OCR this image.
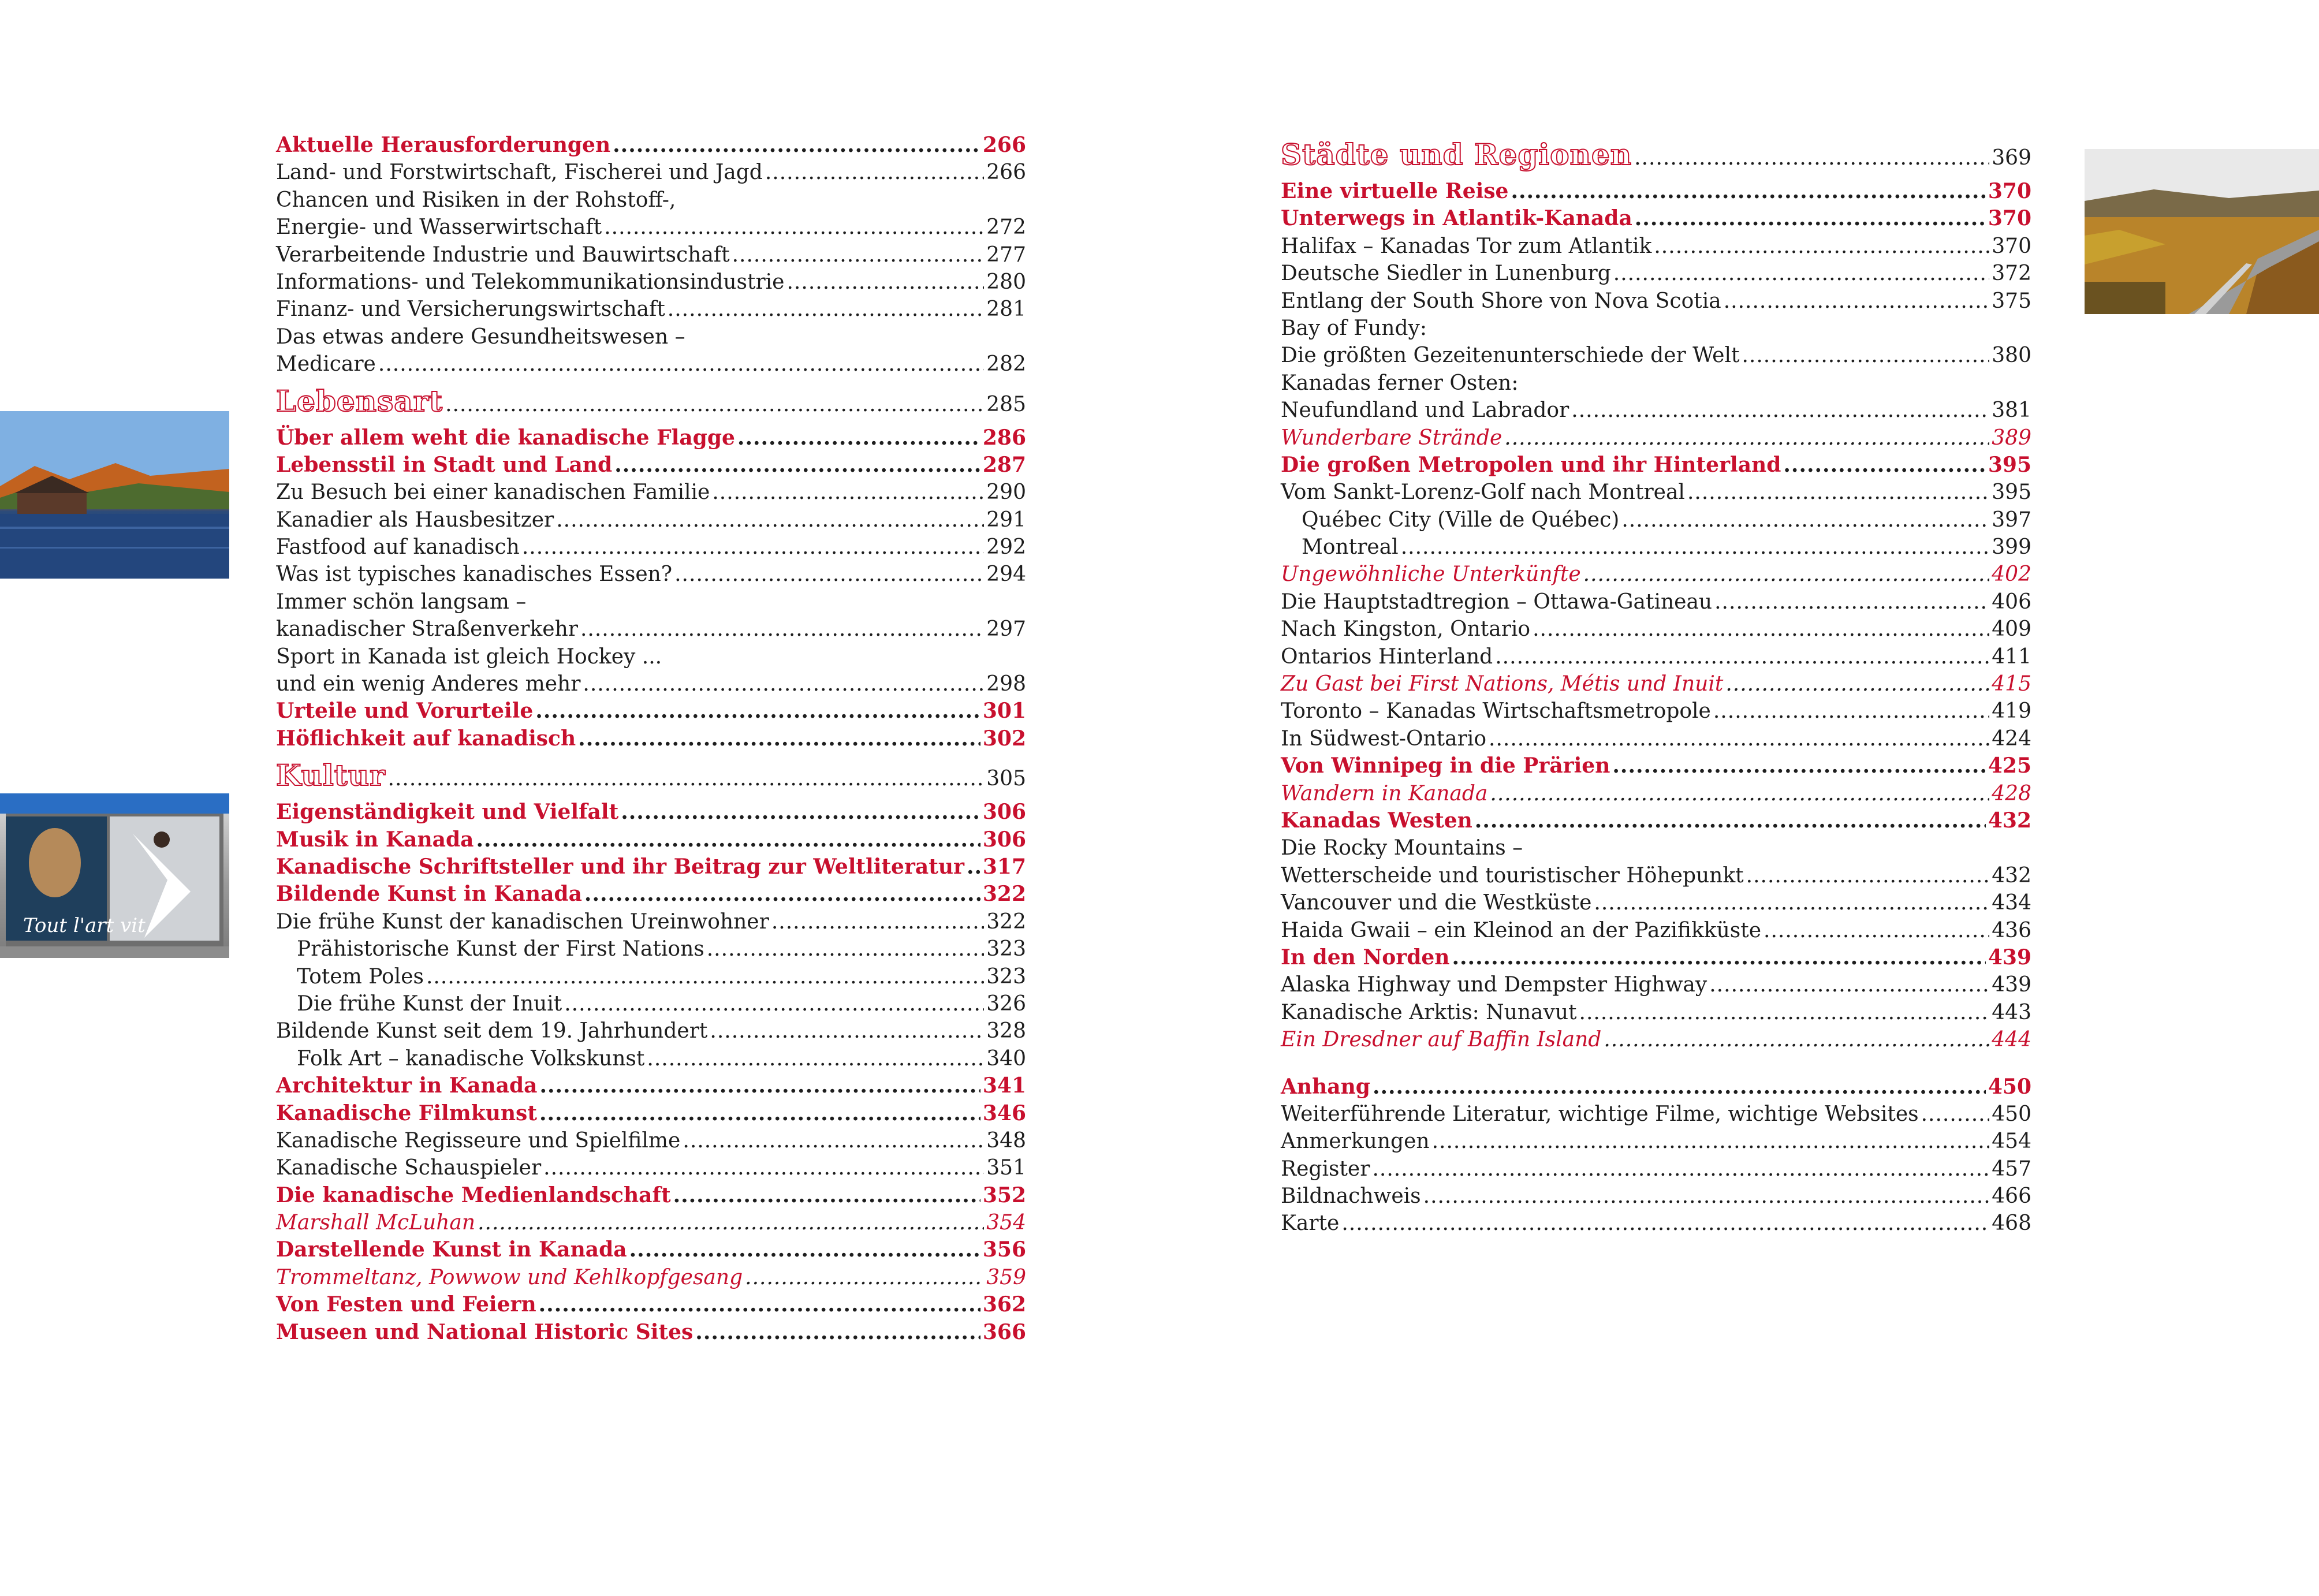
Aktuelle Herausforderungen .....	266
Land- und Forstwirtschaft, Fischerei und Jagd .....	266
Chancen und Risiken in der Rohstoff-,
Energie- und Wasserwirtschaft .....	272
Verarbeitende Industrie und Bauwirtschaft .....	277
Informations- und Telekommunikationsindustrie .....	280
Finanz- und Versicherungswirtschaft .....	281
Das etwas andere Gesundheitswesen –
Medicare .....	282
Lebensart .....	285
Über allem weht die kanadische Flagge .....	286
Lebensstil in Stadt und Land .....	287
Zu Besuch bei einer kanadischen Familie .....	290
Kanadier als Hausbesitzer .....	291
Fastfood auf kanadisch .....	292
Was ist typisches kanadisches Essen? .....	294
Immer schön langsam –
kanadischer Straßenverkehr .....	297
Sport in Kanada ist gleich Hockey ...
und ein wenig Anderes mehr .....	298
Urteile und Vorurteile .....	301
Höflichkeit auf kanadisch .....	302
Kultur .....	305
Eigenständigkeit und Vielfalt .....	306
Musik in Kanada .....	306
Kanadische Schriftsteller und ihr Beitrag zur Weltliteratur ..... 317
Bildende Kunst in Kanada .....	322
Die frühe Kunst der kanadischen Ureinwohner .....	322
Prähistorische Kunst der First Nations .....	323
Totem Poles .....	323
Die frühe Kunst der Inuit .....	326
Bildende Kunst seit dem 19. Jahrhundert .....	328
Folk Art – kanadische Volkskunst .....	340
Architektur in Kanada .....	341
Kanadische Filmkunst .....	346
Kanadische Regisseure und Spielfilme .....	348
Kanadische Schauspieler .....	351
Die kanadische Medienlandschaft .....	352
Marshall McLuhan .....	354
Darstellende Kunst in Kanada .....	356
Trommeltanz, Powwow und Kehlkopfgesang .....	359
Von Festen und Feiern .....	362
Museen und National Historic Sites .....	366
Städte und Regionen .....	369
Eine virtuelle Reise .....	370
Unterwegs in Atlantik-Kanada .....	370
Halifax – Kanadas Tor zum Atlantik .....	370
Deutsche Siedler in Lunenburg .....	372
Entlang der South Shore von Nova Scotia .....	375
Bay of Fundy:
Die größten Gezeitenunterschiede der Welt .....	380
Kanadas ferner Osten:
Neufundland und Labrador .....	381
Wunderbare Strände .....	389
Die großen Metropolen und ihr Hinterland .....	395
Vom Sankt-Lorenz-Golf nach Montreal .....	395
Québec City (Ville de Québec) .....	397
Montreal .....	399
Ungewöhnliche Unterkünfte .....	402
Die Hauptstadtregion – Ottawa-Gatineau .....	406
Nach Kingston, Ontario .....	409
Ontarios Hinterland .....	411
Zu Gast bei First Nations, Métis und Inuit .....	415
Toronto – Kanadas Wirtschaftsmetropole .....	419
In Südwest-Ontario .....	424
Von Winnipeg in die Prärien .....	425
Wandern in Kanada .....	428
Kanadas Westen .....	432
Die Rocky Mountains –
Wetterscheide und touristischer Höhepunkt .....	432
Vancouver und die Westküste .....	434
Haida Gwaii – ein Kleinod an der Pazifikküste .....	436
In den Norden .....	439
Alaska Highway und Dempster Highway .....	439
Kanadische Arktis: Nunavut .....	443
Ein Dresdner auf Baffin Island .....	444
Anhang .....	450
Weiterführende Literatur, wichtige Filme, wichtige Websites .....	450
Anmerkungen .....	454
Register .....	457
Bildnachweis .....	466
Karte .....	468
Tout l'art vit
